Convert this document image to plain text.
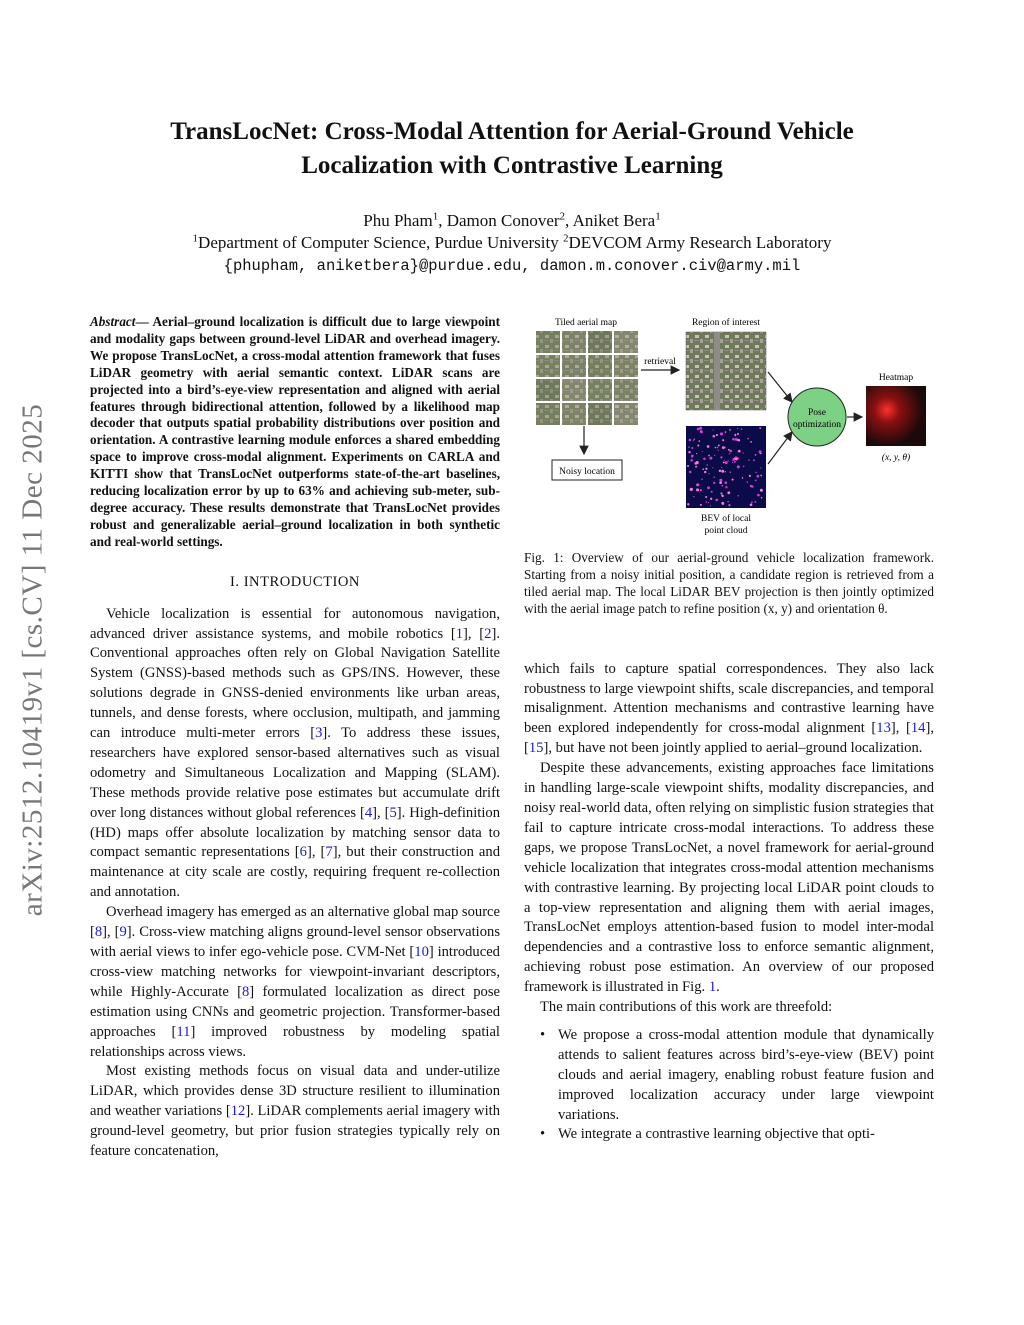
arXiv:2512.10419v1 [cs.CV] 11 Dec 2025
TransLocNet: Cross-Modal Attention for Aerial-Ground Vehicle
Localization with Contrastive Learning
Phu Pham$^1$, Damon Conover$^2$, Aniket Bera$^1$
$^1$Department of Computer Science, Purdue University $^2$DEVCOM Army Research Laboratory
{phupham, aniketbera}@purdue.edu, damon.m.conover.civ@army.mil

Abstract— Aerial–ground localization is difficult due to large viewpoint and modality gaps between ground-level LiDAR and overhead imagery. We propose TransLocNet, a cross-modal attention framework that fuses LiDAR geometry with aerial semantic context. LiDAR scans are projected into a bird’s-eye-view representation and aligned with aerial features through bidirectional attention, followed by a likelihood map decoder that outputs spatial probability distributions over position and orientation. A contrastive learning module enforces a shared embedding space to improve cross-modal alignment. Experiments on CARLA and KITTI show that TransLocNet outperforms state-of-the-art baselines, reducing localization error by up to 63% and achieving sub-meter, sub-degree accuracy. These results demonstrate that TransLocNet provides robust and generalizable aerial–ground localization in both synthetic and real-world settings.

I. INTRODUCTION

Vehicle localization is essential for autonomous navigation, advanced driver assistance systems, and mobile robotics [1], [2]. Conventional approaches often rely on Global Navigation Satellite System (GNSS)-based methods such as GPS/INS. However, these solutions degrade in GNSS-denied environments like urban areas, tunnels, and dense forests, where occlusion, multipath, and jamming can introduce multi-meter errors [3]. To address these issues, researchers have explored sensor-based alternatives such as visual odometry and Simultaneous Localization and Mapping (SLAM). These methods provide relative pose estimates but accumulate drift over long distances without global references [4], [5]. High-definition (HD) maps offer absolute localization by matching sensor data to compact semantic representations [6], [7], but their construction and maintenance at city scale are costly, requiring frequent re-collection and annotation.

Overhead imagery has emerged as an alternative global map source [8], [9]. Cross-view matching aligns ground-level sensor observations with aerial views to infer ego-vehicle pose. CVM-Net [10] introduced cross-view matching networks for viewpoint-invariant descriptors, while Highly-Accurate [8] formulated localization as direct pose estimation using CNNs and geometric projection. Transformer-based approaches [11] improved robustness by modeling spatial relationships across views.

Most existing methods focus on visual data and under-utilize LiDAR, which provides dense 3D structure resilient to illumination and weather variations [12]. LiDAR complements aerial imagery with ground-level geometry, but prior fusion strategies typically rely on feature concatenation,

Tiled aerial map	Region of interest
retrieval
Noisy location
BEV of local
point cloud
Pose
optimization
Heatmap
(x, y, θ)
Fig. 1: Overview of our aerial-ground vehicle localization framework. Starting from a noisy initial position, a candidate region is retrieved from a tiled aerial map. The local LiDAR BEV projection is then jointly optimized with the aerial image patch to refine position (x, y) and orientation θ.

which fails to capture spatial correspondences. They also lack robustness to large viewpoint shifts, scale discrepancies, and temporal misalignment. Attention mechanisms and contrastive learning have been explored independently for cross-modal alignment [13], [14], [15], but have not been jointly applied to aerial–ground localization.

Despite these advancements, existing approaches face limitations in handling large-scale viewpoint shifts, modality discrepancies, and noisy real-world data, often relying on simplistic fusion strategies that fail to capture intricate cross-modal interactions. To address these gaps, we propose TransLocNet, a novel framework for aerial-ground vehicle localization that integrates cross-modal attention mechanisms with contrastive learning. By projecting local LiDAR point clouds to a top-view representation and aligning them with aerial images, TransLocNet employs attention-based fusion to model inter-modal dependencies and a contrastive loss to enforce semantic alignment, achieving robust pose estimation. An overview of our proposed framework is illustrated in Fig. 1.

The main contributions of this work are threefold:

• We propose a cross-modal attention module that dynamically attends to salient features across bird’s-eye-view (BEV) point clouds and aerial imagery, enabling robust feature fusion and improved localization accuracy under large viewpoint variations.
• We integrate a contrastive learning objective that opti-
